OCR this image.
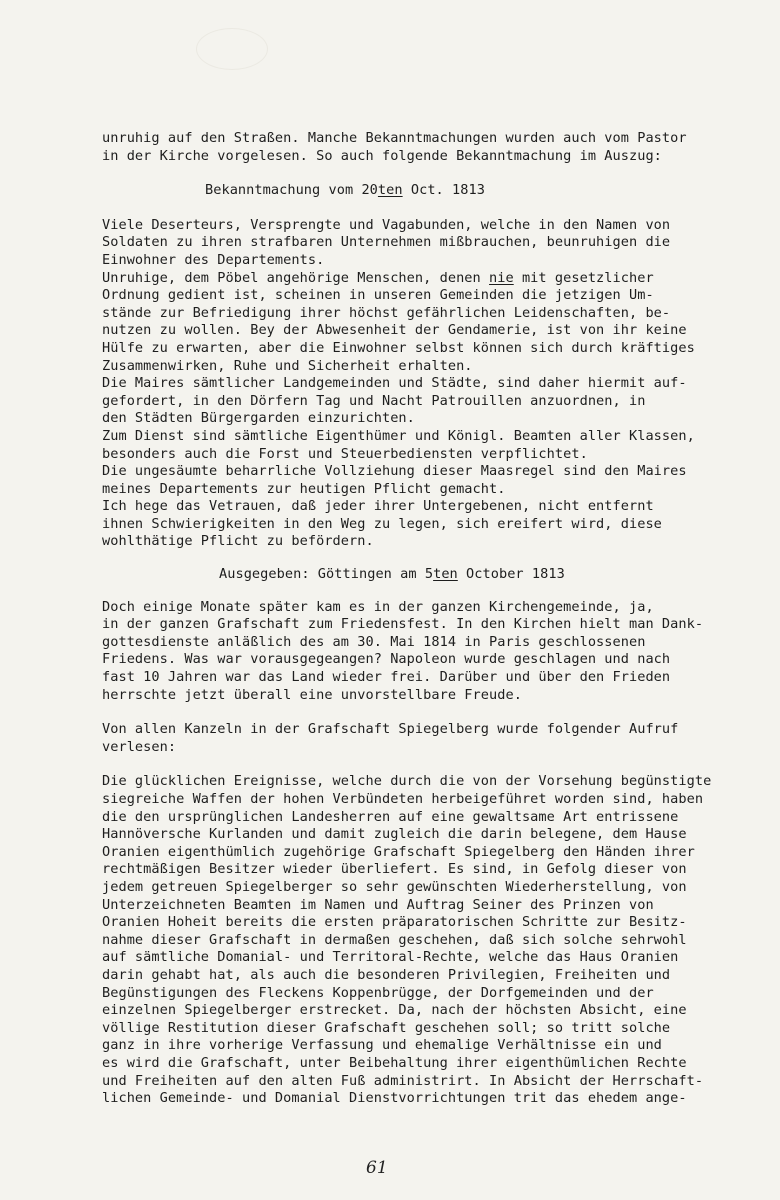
unruhig auf den Straßen. Manche Bekanntmachungen wurden auch vom Pastor
in der Kirche vorgelesen. So auch folgende Bekanntmachung im Auszug:
Bekanntmachung vom 20ten Oct. 1813
Viele Deserteurs, Versprengte und Vagabunden, welche in den Namen von
Soldaten zu ihren strafbaren Unternehmen mißbrauchen, beunruhigen die
Einwohner des Departements.
Unruhige, dem Pöbel angehörige Menschen, denen nie mit gesetzlicher
Ordnung gedient ist, scheinen in unseren Gemeinden die jetzigen Um-
stände zur Befriedigung ihrer höchst gefährlichen Leidenschaften, be-
nutzen zu wollen. Bey der Abwesenheit der Gendamerie, ist von ihr keine
Hülfe zu erwarten, aber die Einwohner selbst können sich durch kräftiges
Zusammenwirken, Ruhe und Sicherheit erhalten.
Die Maires sämtlicher Landgemeinden und Städte, sind daher hiermit auf-
gefordert, in den Dörfern Tag und Nacht Patrouillen anzuordnen, in
den Städten Bürgergarden einzurichten.
Zum Dienst sind sämtliche Eigenthümer und Königl. Beamten aller Klassen,
besonders auch die Forst und Steuerbediensten verpflichtet.
Die ungesäumte beharrliche Vollziehung dieser Maasregel sind den Maires
meines Departements zur heutigen Pflicht gemacht.
Ich hege das Vetrauen, daß jeder ihrer Untergebenen, nicht entfernt
ihnen Schwierigkeiten in den Weg zu legen, sich ereifert wird, diese
wohlthätige Pflicht zu befördern.
Ausgegeben: Göttingen am 5ten October 1813
Doch einige Monate später kam es in der ganzen Kirchengemeinde, ja,
in der ganzen Grafschaft zum Friedensfest. In den Kirchen hielt man Dank-
gottesdienste anläßlich des am 30. Mai 1814 in Paris geschlossenen
Friedens. Was war vorausgegeangen? Napoleon wurde geschlagen und nach
fast 10 Jahren war das Land wieder frei. Darüber und über den Frieden
herrschte jetzt überall eine unvorstellbare Freude.
Von allen Kanzeln in der Grafschaft Spiegelberg wurde folgender Aufruf
verlesen:
Die glücklichen Ereignisse, welche durch die von der Vorsehung begünstigte
siegreiche Waffen der hohen Verbündeten herbeigeführet worden sind, haben
die den ursprünglichen Landesherren auf eine gewaltsame Art entrissene
Hannöversche Kurlanden und damit zugleich die darin belegene, dem Hause
Oranien eigenthümlich zugehörige Grafschaft Spiegelberg den Händen ihrer
rechtmäßigen Besitzer wieder überliefert. Es sind, in Gefolg dieser von
jedem getreuen Spiegelberger so sehr gewünschten Wiederherstellung, von
Unterzeichneten Beamten im Namen und Auftrag Seiner des Prinzen von
Oranien Hoheit bereits die ersten präparatorischen Schritte zur Besitz-
nahme dieser Grafschaft in dermaßen geschehen, daß sich solche sehrwohl
auf sämtliche Domanial- und Territoral-Rechte, welche das Haus Oranien
darin gehabt hat, als auch die besonderen Privilegien, Freiheiten und
Begünstigungen des Fleckens Koppenbrügge, der Dorfgemeinden und der
einzelnen Spiegelberger erstrecket. Da, nach der höchsten Absicht, eine
völlige Restitution dieser Grafschaft geschehen soll; so tritt solche
ganz in ihre vorherige Verfassung und ehemalige Verhältnisse ein und
es wird die Grafschaft, unter Beibehaltung ihrer eigenthümlichen Rechte
und Freiheiten auf den alten Fuß administrirt. In Absicht der Herrschaft-
lichen Gemeinde- und Domanial Dienstvorrichtungen trit das ehedem ange-
61
